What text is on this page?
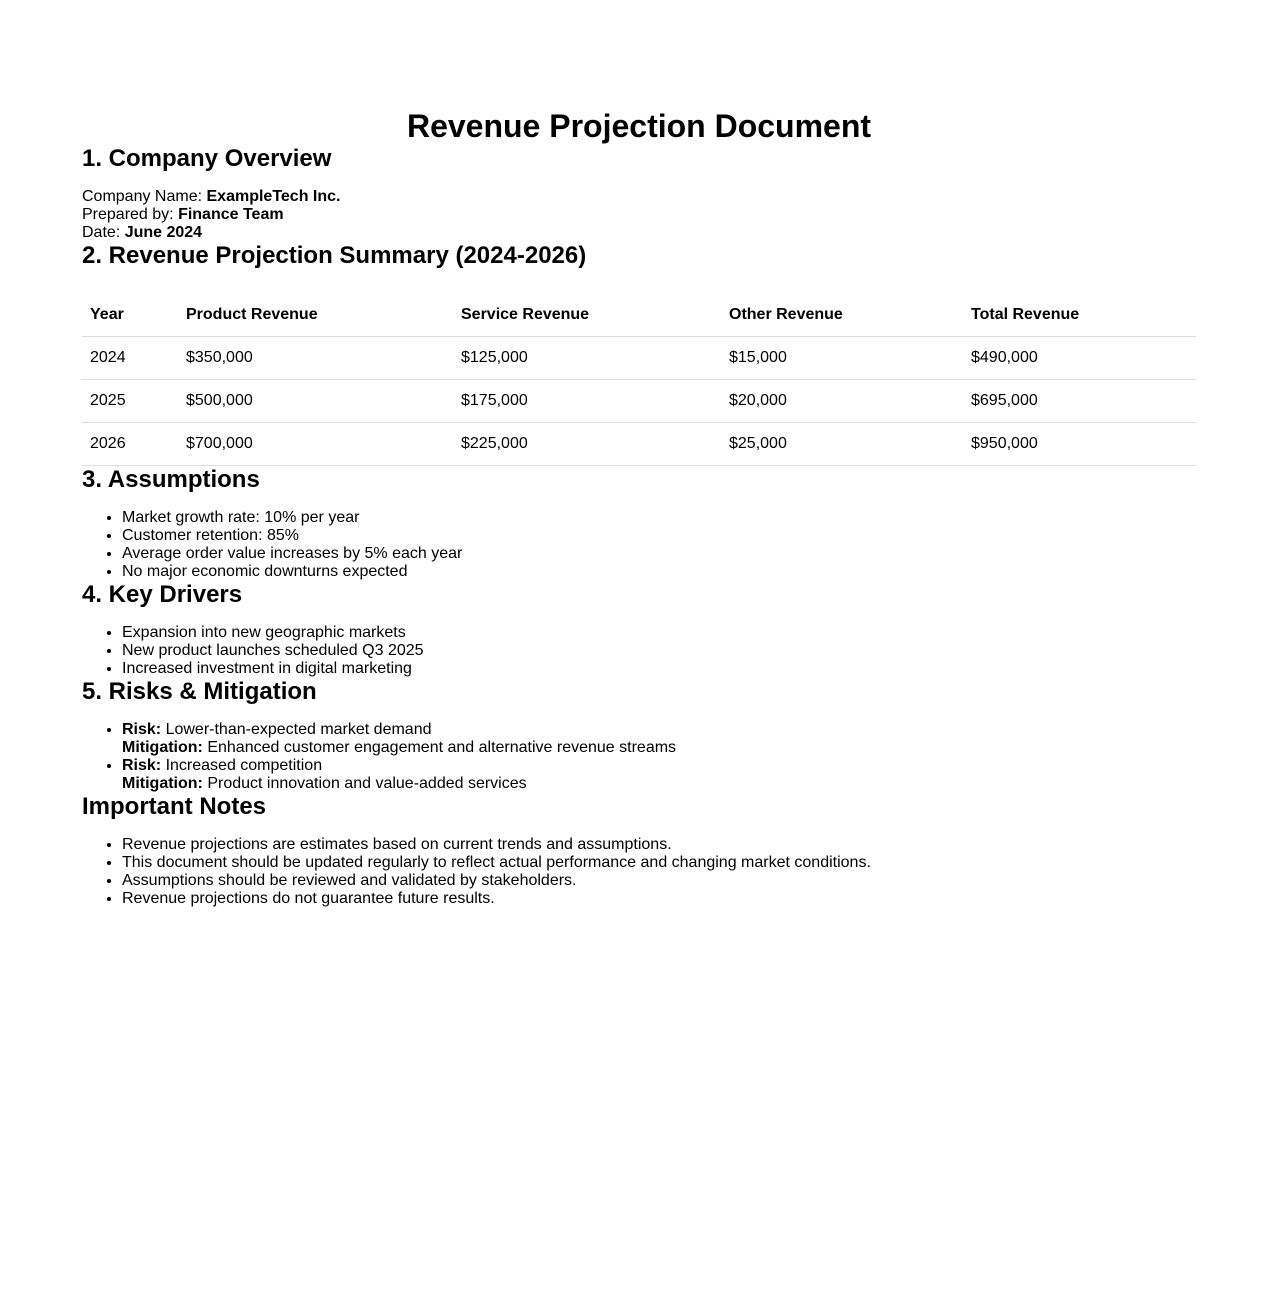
Revenue Projection Document
1. Company Overview
Company Name: ExampleTech Inc.
Prepared by: Finance Team
Date: June 2024
2. Revenue Projection Summary (2024-2026)
Year	Product Revenue	Service Revenue	Other Revenue	Total Revenue
2024	$350,000	$125,000	$15,000	$490,000
2025	$500,000	$175,000	$20,000	$695,000
2026	$700,000	$225,000	$25,000	$950,000
3. Assumptions
• Market growth rate: 10% per year
• Customer retention: 85%
• Average order value increases by 5% each year
• No major economic downturns expected
4. Key Drivers
• Expansion into new geographic markets
• New product launches scheduled Q3 2025
• Increased investment in digital marketing
5. Risks & Mitigation
• Risk: Lower-than-expected market demand
Mitigation: Enhanced customer engagement and alternative revenue streams
• Risk: Increased competition
Mitigation: Product innovation and value-added services
Important Notes
• Revenue projections are estimates based on current trends and assumptions.
• This document should be updated regularly to reflect actual performance and changing market conditions.
• Assumptions should be reviewed and validated by stakeholders.
• Revenue projections do not guarantee future results.
